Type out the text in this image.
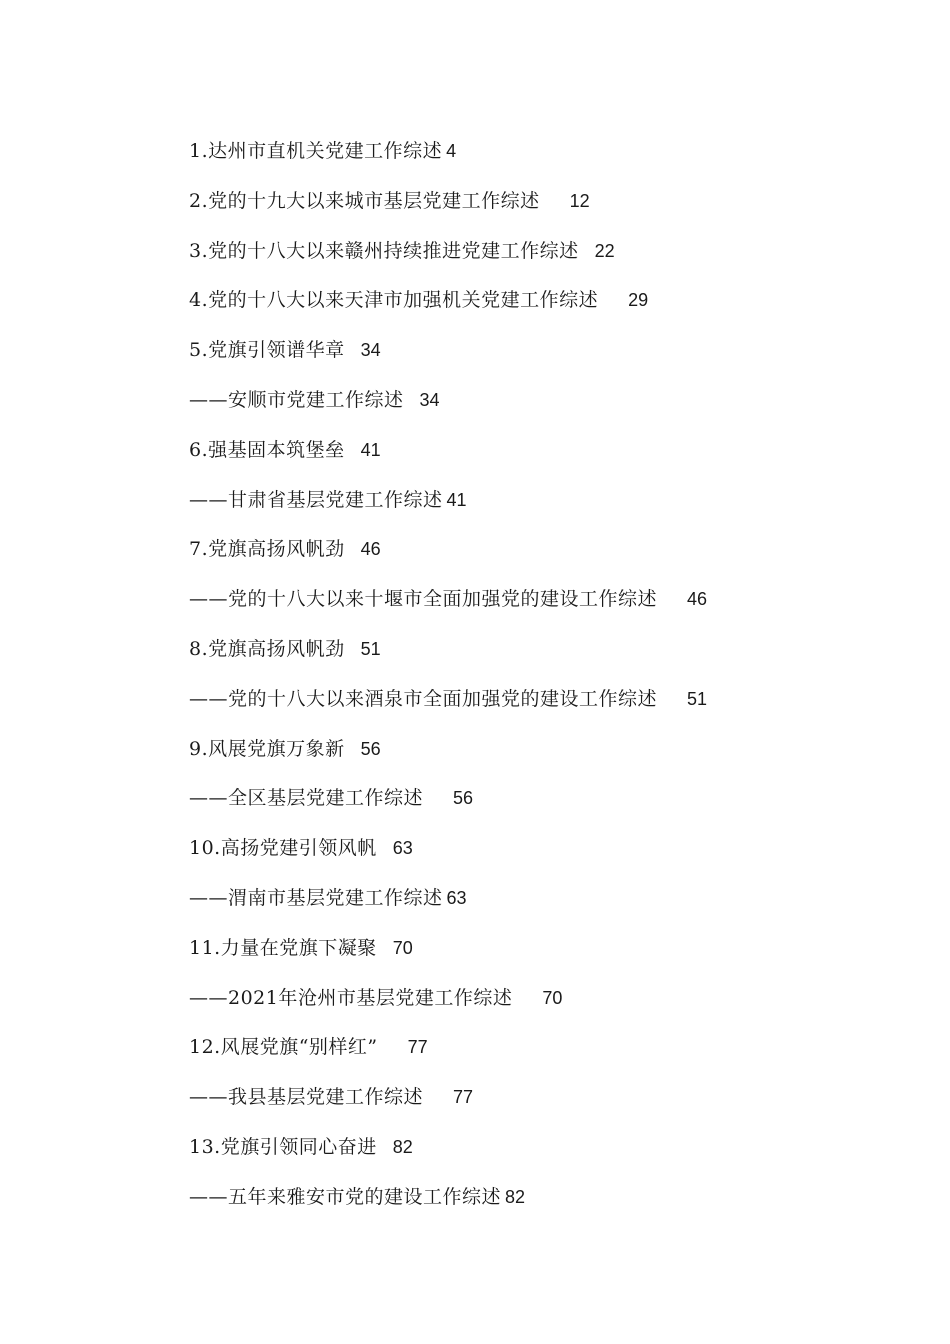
1.达州市直机关党建工作综述 4
2.党的十九大以来城市基层党建工作综述 12
3.党的十八大以来赣州持续推进党建工作综述 22
4.党的十八大以来天津市加强机关党建工作综述 29
5.党旗引领谱华章 34
——安顺市党建工作综述 34
6.强基固本筑堡垒 41
——甘肃省基层党建工作综述 41
7.党旗高扬风帆劲 46
——党的十八大以来十堰市全面加强党的建设工作综述 46
8.党旗高扬风帆劲 51
——党的十八大以来酒泉市全面加强党的建设工作综述 51
9.风展党旗万象新 56
——全区基层党建工作综述 56
10.高扬党建引领风帆 63
——渭南市基层党建工作综述 63
11.力量在党旗下凝聚 70
——2021年沧州市基层党建工作综述 70
12.风展党旗“别样红” 77
——我县基层党建工作综述 77
13.党旗引领同心奋进 82
——五年来雅安市党的建设工作综述 82
